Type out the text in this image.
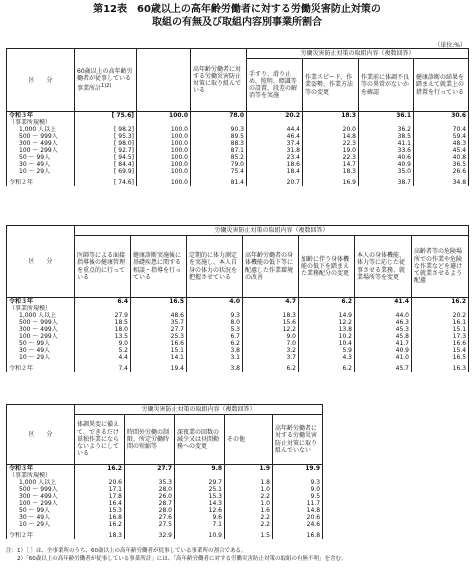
第12表　60歳以上の高年齢労働者に対する労働災害防止対策の
取組の有無及び取組内容別事業所割合
（単位:%）
区　　分	60歳以上の高年齢労働者が従事している事業所計$^{1)2)}$		高年齢労働者に対する労働災害防止対策に取り組んでいる	労働災害防止対策の取組内容（複数回答）			
				手すり、滑り止め、照明、標識等の設置、段差の解消等を実施	作業スピード、作業姿勢、作業方法等の変更	作業前に体調不良等の異常がないかを確認	健康診断の結果を踏まえて就業上の措置を行っている
令和３年	[ 75.6]	100.0	78.0	20.2	18.3	36.1	30.6
（事業所規模）							
1,000 人以上	[ 98.2]	100.0	90.3	44.4	20.0	36.2	70.4
500 ～ 999人	[ 95.3]	100.0	89.5	46.4	14.8	38.5	59.4
300 ～ 499人	[ 98.0]	100.0	88.3	37.4	22.3	41.1	48.3
100 ～ 299人	[ 92.7]	100.0	87.1	31.8	19.0	33.6	45.4
50 ～ 99人	[ 94.5]	100.0	85.2	23.4	22.3	40.6	40.8
30 ～ 49人	[ 84.4]	100.0	79.0	18.6	14.7	40.9	36.5
10 ～ 29人	[ 69.9]	100.0	75.4	18.4	18.3	35.0	26.6

令和２年	[ 74.6]	100.0	81.4	20.7	16.9	38.7	34.8
区　　分	労働災害防止対策の取組内容（複数回答）						
	医師等による面接指導後の健康管理を重点的に行っている	健康診断実施後に基礎疾患に関する相談・指導を行っている	定期的に体力測定を実施し、本人自身の体力の状況を把握させている	高年齢労働者の身体機能の低下等に配慮した作業環境の改善	加齢に伴う身体機能の低下を踏まえた業務配分の変更	本人の身体機能、体力等に応じた従事させる業務、就業場所等を変更	高齢者等の危険場所での作業や危険な作業などを避けて就業させるよう配慮
令和３年	6.4	16.5	4.0	4.7	6.2	41.4	16.2
（事業所規模）							
1,000 人以上	27.9	48.6	9.3	18.3	14.9	44.0	20.2
500 ～ 999人	18.5	35.7	8.0	15.6	12.2	46.3	16.1
300 ～ 499人	18.0	27.7	5.3	12.2	13.8	45.3	15.1
100 ～ 299人	13.5	25.3	6.7	9.0	10.2	45.8	17.3
50 ～ 99人	9.0	16.6	6.2	7.0	10.4	41.7	16.6
30 ～ 49人	5.2	15.1	3.8	3.2	5.9	40.9	15.4
10 ～ 29人	4.4	14.1	3.1	3.7	4.3	41.0	16.5

令和２年	7.4	19.4	3.8	6.2	6.2	45.7	16.3
区　　分	労働災害防止対策の取組内容（複数回答）				
	体調異変に備えて、できるだけ単独作業にならないようにしている	時間外労働の制限、所定労働時間の短縮等	深夜業の回数の減少又は昼間勤務への変更	その他	高年齢労働者に対する労働災害防止対策に取り組んでいない
令和３年	16.2	27.7	9.8	1.9	19.9
（事業所規模）					
1,000 人以上	20.6	35.3	29.7	1.8	9.3
500 ～ 999人	17.1	28.0	25.1	1.0	9.0
300 ～ 499人	17.8	26.0	15.3	2.2	9.5
100 ～ 299人	16.4	28.7	14.3	1.0	11.7
50 ～ 99人	15.3	28.0	12.6	1.6	14.8
30 ～ 49人	16.8	27.6	9.6	2.2	20.6
10 ～ 29人	16.2	27.5	7.1	2.2	24.6

令和２年	18.3	32.9	10.9	1.5	16.8
注：1）［ ］は、全事業所のうち、60歳以上の高年齢労働者が従事している事業所の割合である。
　　2）「60歳以上の高年齢労働者が従事している事業所計」には、「高年齢労働者に対する労働災害防止対策の取組の有無不明」を含む。
